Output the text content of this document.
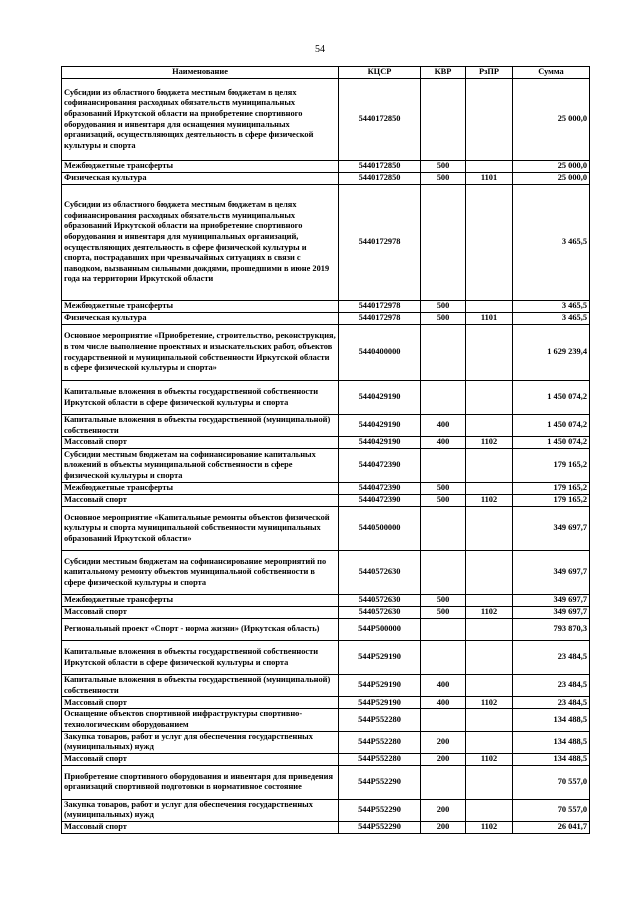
54
Наименование	КЦСР	КВР	РзПР	Сумма
Субсидии из областного бюджета местным бюджетам в целях софинансирования расходных обязательств муниципальных образований Иркутской области на приобретение спортивного оборудования и инвентаря для оснащения муниципальных организаций, осуществляющих деятельность в сфере физической культуры и спорта	5440172850			25 000,0
Межбюджетные трансферты	5440172850	500		25 000,0
Физическая культура	5440172850	500	1101	25 000,0
Субсидии из областного бюджета местным бюджетам в целях софинансирования расходных обязательств муниципальных образований Иркутской области на приобретение спортивного оборудования и инвентаря для муниципальных организаций, осуществляющих деятельность в сфере физической культуры и спорта, пострадавших при чрезвычайных ситуациях в связи с паводком, вызванным сильными дождями, прошедшими в июне 2019 года на территории Иркутской области	5440172978			3 465,5
Межбюджетные трансферты	5440172978	500		3 465,5
Физическая культура	5440172978	500	1101	3 465,5
Основное мероприятие «Приобретение, строительство, реконструкция, в том числе выполнение проектных и изыскательских работ, объектов государственной и муниципальной собственности Иркутской области в сфере физической культуры и спорта»	5440400000			1 629 239,4
Капитальные вложения в объекты государственной собственности Иркутской области в сфере физической культуры и спорта	5440429190			1 450 074,2
Капитальные вложения в объекты государственной (муниципальной) собственности	5440429190	400		1 450 074,2
Массовый спорт	5440429190	400	1102	1 450 074,2
Субсидии местным бюджетам на софинансирование капитальных вложений в объекты муниципальной собственности в сфере физической культуры и спорта	5440472390			179 165,2
Межбюджетные трансферты	5440472390	500		179 165,2
Массовый спорт	5440472390	500	1102	179 165,2
Основное мероприятие «Капитальные ремонты объектов физической культуры и спорта муниципальной собственности муниципальных образований Иркутской области»	5440500000			349 697,7
Субсидии местным бюджетам на софинансирование мероприятий по капитальному ремонту объектов муниципальной собственности в сфере физической культуры и спорта	5440572630			349 697,7
Межбюджетные трансферты	5440572630	500		349 697,7
Массовый спорт	5440572630	500	1102	349 697,7
Региональный проект «Спорт - норма жизни» (Иркутская область)	544P500000			793 870,3
Капитальные вложения в объекты государственной собственности Иркутской области в сфере физической культуры и спорта	544P529190			23 484,5
Капитальные вложения в объекты государственной (муниципальной) собственности	544P529190	400		23 484,5
Массовый спорт	544P529190	400	1102	23 484,5
Оснащение объектов спортивной инфраструктуры спортивно-технологическим оборудованием	544P552280			134 488,5
Закупка товаров, работ и услуг для обеспечения государственных (муниципальных) нужд	544P552280	200		134 488,5
Массовый спорт	544P552280	200	1102	134 488,5
Приобретение спортивного оборудования и инвентаря для приведения организаций спортивной подготовки в нормативное состояние	544P552290			70 557,0
Закупка товаров, работ и услуг для обеспечения государственных (муниципальных) нужд	544P552290	200		70 557,0
Массовый спорт	544P552290	200	1102	26 041,7
